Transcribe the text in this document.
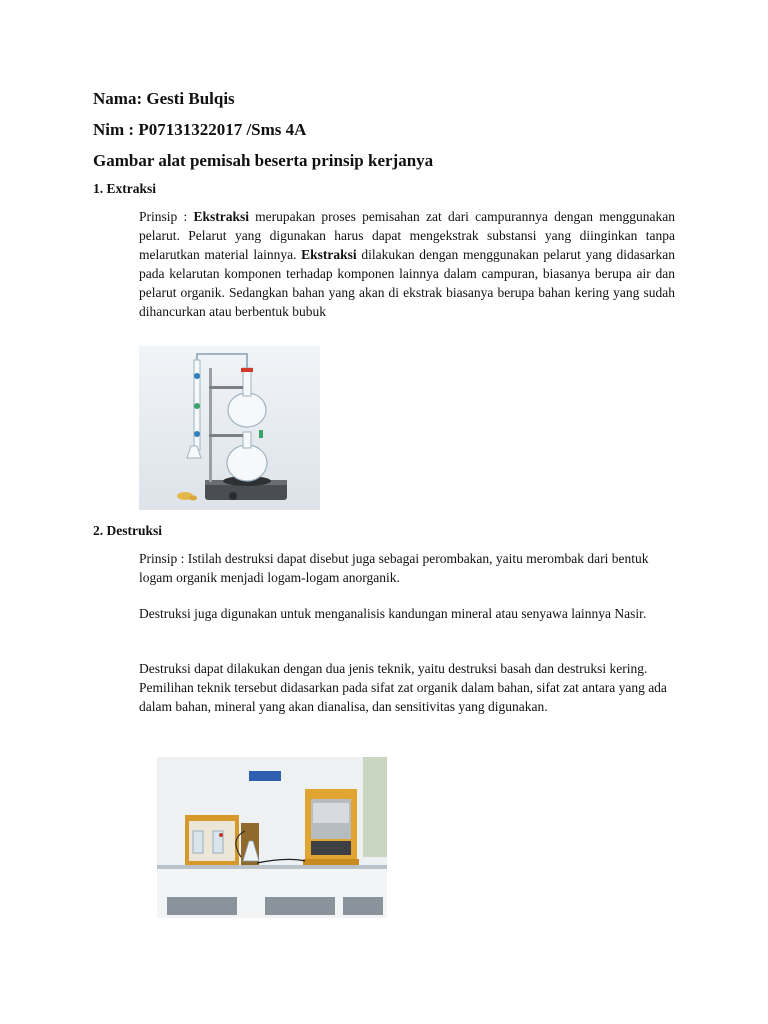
Nama: Gesti Bulqis
Nim : P07131322017 /Sms 4A
Gambar alat pemisah beserta prinsip kerjanya
1. Extraksi
Prinsip : Ekstraksi merupakan proses pemisahan zat dari campurannya dengan menggunakan pelarut. Pelarut yang digunakan harus dapat mengekstrak substansi yang diinginkan tanpa melarutkan material lainnya. Ekstraksi dilakukan dengan menggunakan pelarut yang didasarkan pada kelarutan komponen terhadap komponen lainnya dalam campuran, biasanya berupa air dan pelarut organik. Sedangkan bahan yang akan di ekstrak biasanya berupa bahan kering yang sudah dihancurkan atau berbentuk bubuk
2. Destruksi
Prinsip : Istilah destruksi dapat disebut juga sebagai perombakan, yaitu merombak dari bentuk logam organik menjadi logam-logam anorganik.
Destruksi juga digunakan untuk menganalisis kandungan mineral atau senyawa lainnya Nasir.
Destruksi dapat dilakukan dengan dua jenis teknik, yaitu destruksi basah dan destruksi kering. Pemilihan teknik tersebut didasarkan pada sifat zat organik dalam bahan, sifat zat antara yang ada dalam bahan, mineral yang akan dianalisa, dan sensitivitas yang digunakan.
